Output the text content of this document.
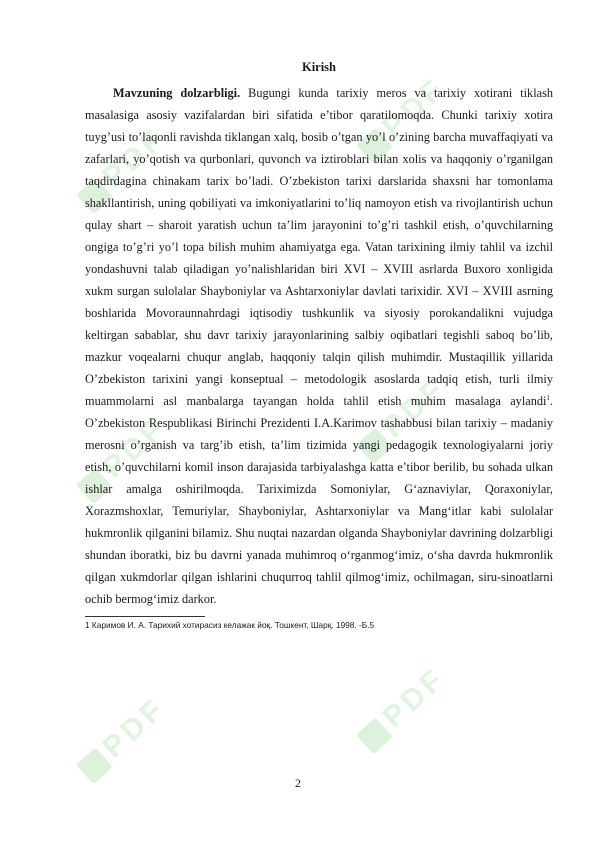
PDF
PDF
PDF
PDF
PDF	PDF
Kirish

Mavzuning dolzarbligi. Bugungi kunda tarixiy meros va tarixiy xotirani tiklash masalasiga asosiy vazifalardan biri sifatida e’tibor qaratilomoqda. Chunki tarixiy xotira tuyg’usi to’laqonli ravishda tiklangan xalq, bosib o’tgan yo’l o’zining barcha muvaffaqiyati va zafarlari, yo’qotish va qurbonlari, quvonch va iztiroblari bilan xolis va haqqoniy o’rganilgan taqdirdagina chinakam tarix bo’ladi. O’zbekiston tarixi darslarida shaxsni har tomonlama shakllantirish, uning qobiliyati va imkoniyatlarini to’liq namoyon etish va rivojlantirish uchun qulay shart – sharoit yaratish uchun ta’lim jarayonini to’g’ri tashkil etish, o’quvchilarning ongiga to’g’ri yo’l topa bilish muhim ahamiyatga ega. Vatan tarixining ilmiy tahlil va izchil yondashuvni talab qiladigan yo’nalishlaridan biri XVI – XVIII asrlarda Buxoro xonligida xukm surgan sulolalar Shayboniylar va Ashtarxoniylar davlati tarixidir. XVI – XVIII asrning boshlarida Movoraunnahrdagi iqtisodiy tushkunlik va siyosiy porokandalikni vujudga keltirgan sabablar, shu davr tarixiy jarayonlarining salbiy oqibatlari tegishli saboq bo’lib, mazkur voqealarni chuqur anglab, haqqoniy talqin qilish muhimdir. Mustaqillik yillarida O’zbekiston tarixini yangi konseptual – metodologik asoslarda tadqiq etish, turli ilmiy muammolarni asl manbalarga tayangan holda tahlil etish muhim masalaga aylandi$^1$. O’zbekiston Respublikasi Birinchi Prezidenti I.A.Karimov tashabbusi bilan tarixiy – madaniy merosni o’rganish va targ’ib etish, ta’lim tizimida yangi pedagogik texnologiyalarni joriy etish, o’quvchilarni komil inson darajasida tarbiyalashga katta e’tibor berilib, bu sohada ulkan ishlar amalga oshirilmoqda. Tariximizda Somoniylar, G‘aznaviylar, Qoraxoniylar, Xorazmshoxlar, Temuriylar, Shayboniylar, Ashtarxoniylar va Mang‘itlar kabi sulolalar hukmronlik qilganini bilamiz. Shu nuqtai nazardan olganda Shayboniylar davrining dolzarbligi shundan iboratki, biz bu davrni yanada muhimroq o‘rganmog‘imiz, o‘sha davrda hukmronlik qilgan xukmdorlar qilgan ishlarini chuqurroq tahlil qilmog‘imiz, ochilmagan, siru-sinoatlarni ochib bermog‘imiz darkor.

1 Каримов И. А. Тарихий хотирасиз келажак йоқ. Тошкент, Шарқ. 1998. -Б.5

2
